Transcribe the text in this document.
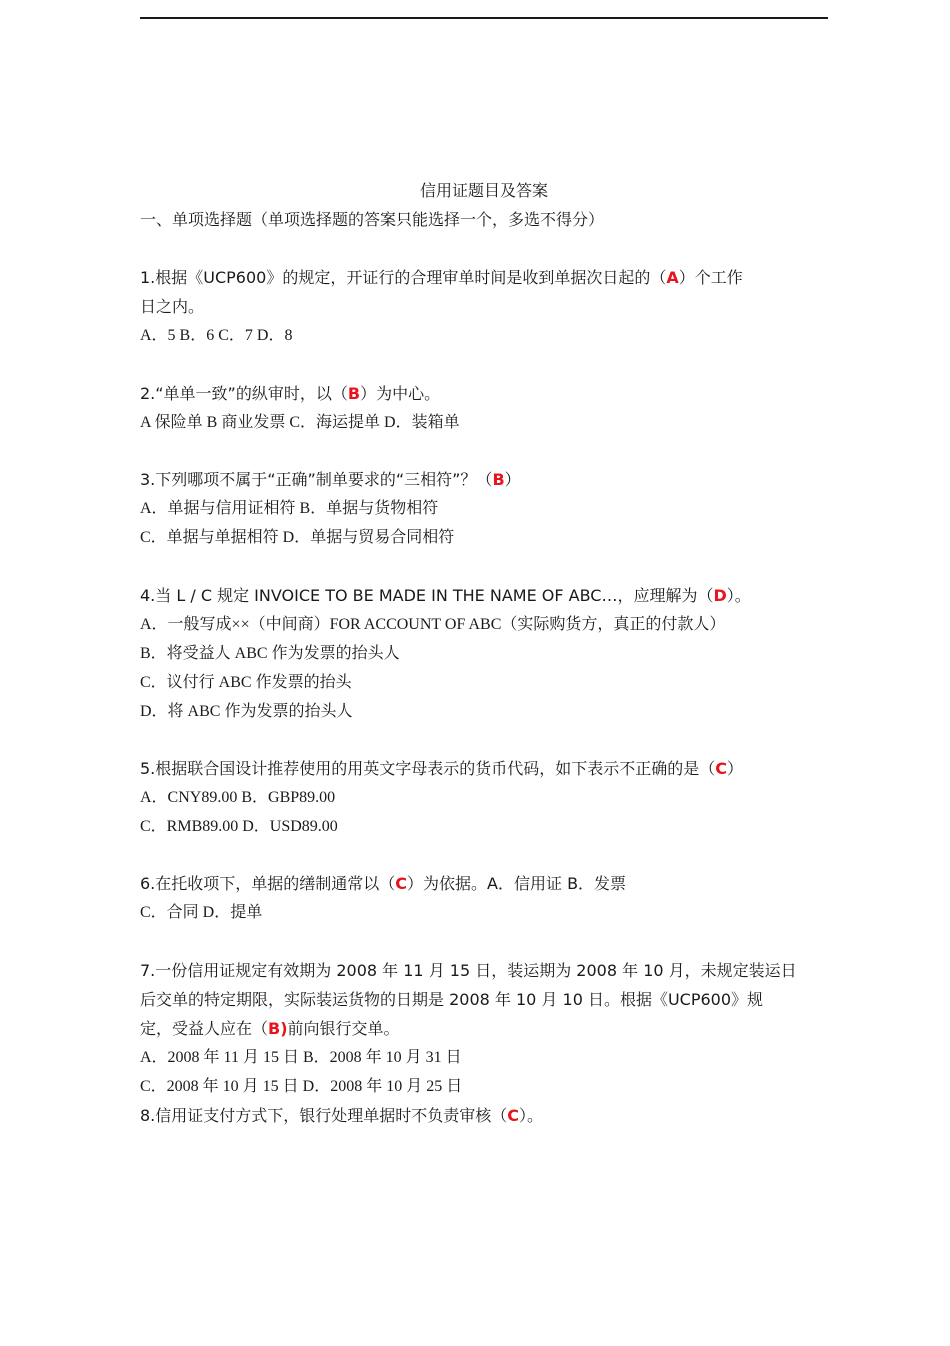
信用证题目及答案
一、单项选择题（单项选择题的答案只能选择一个，多选不得分）
1.根据《UCP600》的规定，开证行的合理审单时间是收到单据次日起的（A）个工作
日之内。
A．5 B．6 C．7 D．8
2.“单单一致”的纵审时，以（B）为中心。
A 保险单 B 商业发票 C．海运提单 D．装箱单
3.下列哪项不属于“正确”制单要求的“三相符”？（B）
A．单据与信用证相符 B．单据与货物相符
C．单据与单据相符 D．单据与贸易合同相符
4.当 L / C 规定 INVOICE TO BE MADE IN THE NAME OF ABC…，应理解为（D）。
A．一般写成××（中间商）FOR ACCOUNT OF ABC（实际购货方，真正的付款人）
B．将受益人 ABC 作为发票的抬头人
C．议付行 ABC 作发票的抬头
D．将 ABC 作为发票的抬头人
5.根据联合国设计推荐使用的用英文字母表示的货币代码，如下表示不正确的是（C）
A．CNY89.00 B．GBP89.00
C．RMB89.00 D．USD89.00
6.在托收项下，单据的缮制通常以（C）为依据。A．信用证 B．发票
C．合同 D．提单
7.一份信用证规定有效期为 2008 年 11 月 15 日，装运期为 2008 年 10 月，未规定装运日
后交单的特定期限，实际装运货物的日期是 2008 年 10 月 10 日。根据《UCP600》规
定，受益人应在（B)前向银行交单。
A．2008 年 11 月 15 日 B．2008 年 10 月 31 日
C．2008 年 10 月 15 日 D．2008 年 10 月 25 日
8.信用证支付方式下，银行处理单据时不负责审核（C）。
